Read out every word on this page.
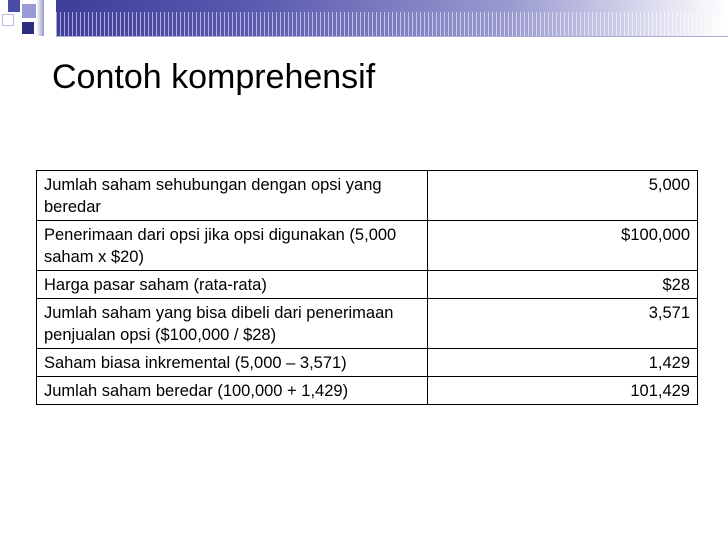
Contoh komprehensif
Jumlah saham sehubungan dengan opsi yang beredar	5,000
Penerimaan dari opsi jika opsi digunakan (5,000 saham x $20)	$100,000
Harga pasar saham (rata-rata)	$28
Jumlah saham yang bisa dibeli dari penerimaan penjualan opsi ($100,000 / $28)	3,571
Saham biasa inkremental (5,000 – 3,571)	1,429
Jumlah saham beredar (100,000 + 1,429)	101,429
